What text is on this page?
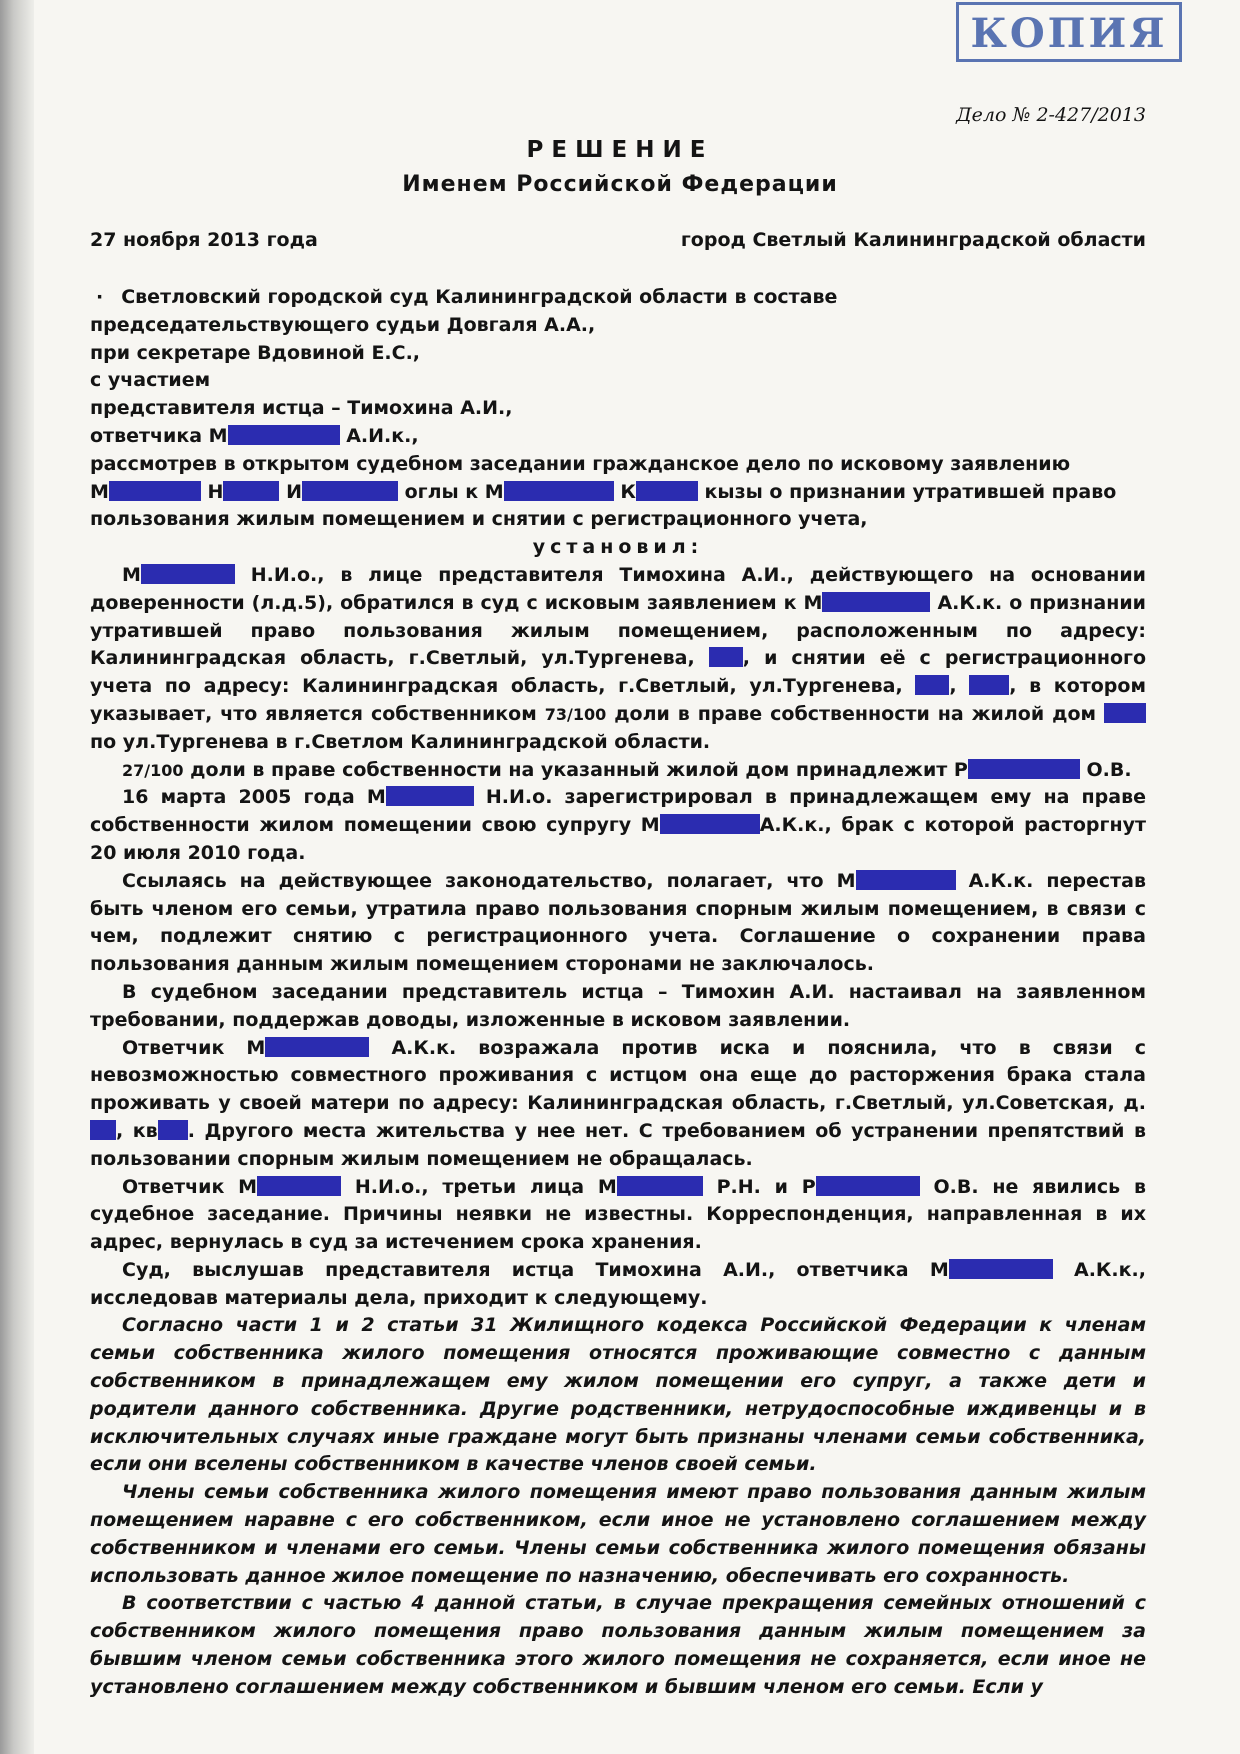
КОПИЯ
Дело № 2-427/2013
РЕШЕНИЕ
Именем Российской Федерации
27 ноября 2013 года	город Светлый Калининградской области

· Светловский городской суд Калининградской области в составе

председательствующего судьи Довгаля А.А.,

при секретаре Вдовиной Е.С.,

с участием

представителя истца – Тимохина А.И.,

ответчика М	А.И.к.,

рассмотрев в открытом судебном заседании гражданское дело по исковому заявлению

М	Н	И	оглы к М	К	кызы о признании утратившей право

пользования жилым помещением и снятии с регистрационного учета,

установил:

М	Н.И.о., в лице представителя Тимохина А.И., действующего на основании доверенности (л.д.5), обратился в суд с исковым заявлением к М	А.К.к. о признании утратившей право пользования жилым помещением, расположенным по адресу: Калининградская область, г.Светлый, ул.Тургенева,	, и снятии её с регистрационного учета по адресу: Калининградская область, г.Светлый, ул.Тургенева, ,	, в котором указывает, что является собственником 73/100 доли в праве собственности на жилой дом по ул.Тургенева в г.Светлом Калининградской области.

27/100 доли в праве собственности на указанный жилой дом принадлежит Р	О.В.

16 марта 2005 года М	Н.И.о. зарегистрировал в принадлежащем ему на праве собственности жилом помещении свою супругу М	А.К.к., брак с которой расторгнут 20 июля 2010 года.

Ссылаясь на действующее законодательство, полагает, что М	А.К.к. перестав быть членом его семьи, утратила право пользования спорным жилым помещением, в связи с чем, подлежит снятию с регистрационного учета. Соглашение о сохранении права пользования данным жилым помещением сторонами не заключалось.

В судебном заседании представитель истца – Тимохин А.И. настаивал на заявленном требовании, поддержав доводы, изложенные в исковом заявлении.

Ответчик М	А.К.к. возражала против иска и пояснила, что в связи с невозможностью совместного проживания с истцом она еще до расторжения брака стала проживать у своей матери по адресу: Калининградская область, г.Светлый, ул.Советская, д., кв . Другого места жительства у нее нет. С требованием об устранении препятствий в пользовании спорным жилым помещением не обращалась.

Ответчик М	Н.И.о., третьи лица М	Р.Н. и Р	О.В. не явились в судебное заседание. Причины неявки не известны. Корреспонденция, направленная в их адрес, вернулась в суд за истечением срока хранения.

Суд, выслушав представителя истца Тимохина А.И., ответчика М	А.К.к., исследовав материалы дела, приходит к следующему.

Согласно части 1 и 2 статьи 31 Жилищного кодекса Российской Федерации к членам семьи собственника жилого помещения относятся проживающие совместно с данным собственником в принадлежащем ему жилом помещении его супруг, а также дети и родители данного собственника. Другие родственники, нетрудоспособные иждивенцы и в исключительных случаях иные граждане могут быть признаны членами семьи собственника, если они вселены собственником в качестве членов своей семьи.

Члены семьи собственника жилого помещения имеют право пользования данным жилым помещением наравне с его собственником, если иное не установлено соглашением между собственником и членами его семьи. Члены семьи собственника жилого помещения обязаны использовать данное жилое помещение по назначению, обеспечивать его сохранность.

В соответствии с частью 4 данной статьи, в случае прекращения семейных отношений с собственником жилого помещения право пользования данным жилым помещением за бывшим членом семьи собственника этого жилого помещения не сохраняется, если иное не установлено соглашением между собственником и бывшим членом его семьи. Если у
